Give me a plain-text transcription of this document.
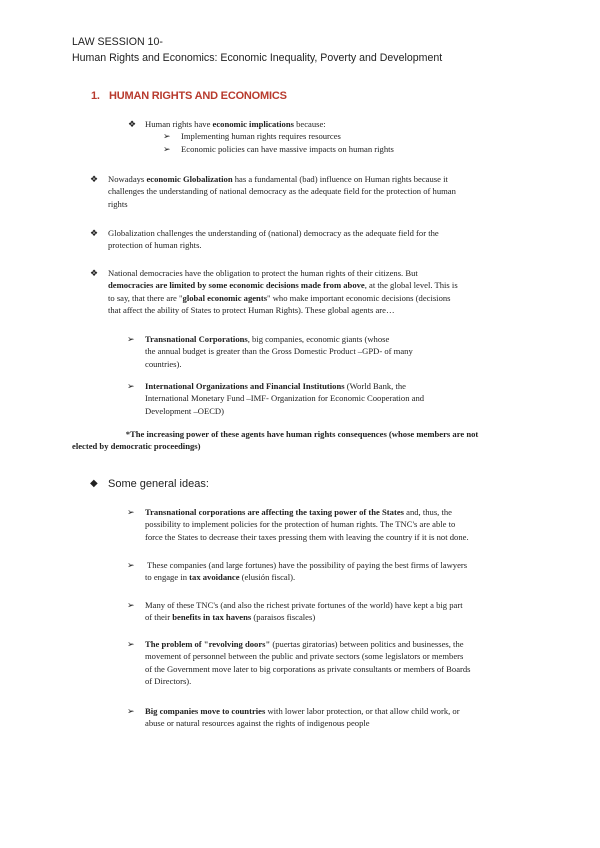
LAW SESSION 10-
Human Rights and Economics: Economic Inequality, Poverty and Development
1. HUMAN RIGHTS AND ECONOMICS
❖ Human rights have economic implications because:
➢ Implementing human rights requires resources
➢ Economic policies can have massive impacts on human rights
❖ Nowadays economic Globalization has a fundamental (bad) influence on Human rights because it
challenges the understanding of national democracy as the adequate field for the protection of human
rights
❖ Globalization challenges the understanding of (national) democracy as the adequate field for the
protection of human rights.
❖ National democracies have the obligation to protect the human rights of their citizens. But
democracies are limited by some economic decisions made from above, at the global level. This is
to say, that there are "global economic agents" who make important economic decisions (decisions
that affect the ability of States to protect Human Rights). These global agents are…
➢ Transnational Corporations, big companies, economic giants (whose
the annual budget is greater than the Gross Domestic Product –GPD- of many
countries).
➢ International Organizations and Financial Institutions (World Bank, the
International Monetary Fund –IMF- Organization for Economic Cooperation and
Development –OECD)
*The increasing power of these agents have human rights consequences (whose members are not
elected by democratic proceedings)
◆ Some general ideas:
➢ Transnational corporations are affecting the taxing power of the States and, thus, the
possibility to implement policies for the protection of human rights. The TNC's are able to
force the States to decrease their taxes pressing them with leaving the country if it is not done.
➢ These companies (and large fortunes) have the possibility of paying the best firms of lawyers
to engage in tax avoidance (elusión fiscal).
➢ Many of these TNC's (and also the richest private fortunes of the world) have kept a big part
of their benefits in tax havens (paraisos fiscales)
➢ The problem of "revolving doors" (puertas giratorias) between politics and businesses, the
movement of personnel between the public and private sectors (some legislators or members
of the Government move later to big corporations as private consultants or members of Boards
of Directors).
➢ Big companies move to countries with lower labor protection, or that allow child work, or
abuse or natural resources against the rights of indigenous people
